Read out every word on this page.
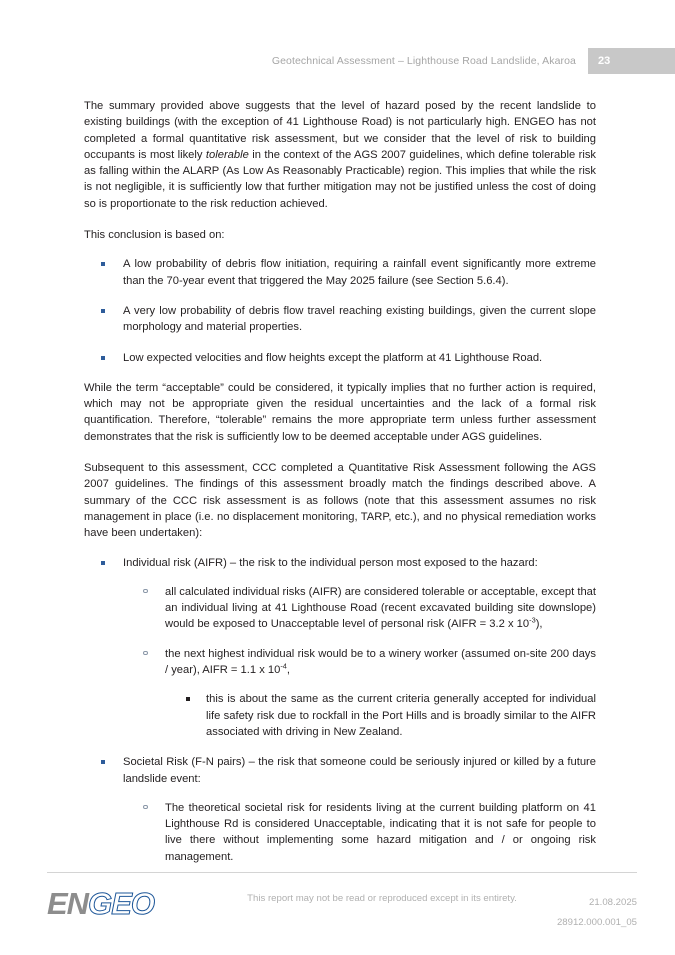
Geotechnical Assessment – Lighthouse Road Landslide, Akaroa	23

The summary provided above suggests that the level of hazard posed by the recent landslide to existing buildings (with the exception of 41 Lighthouse Road) is not particularly high. ENGEO has not completed a formal quantitative risk assessment, but we consider that the level of risk to building occupants is most likely tolerable in the context of the AGS 2007 guidelines, which define tolerable risk as falling within the ALARP (As Low As Reasonably Practicable) region. This implies that while the risk is not negligible, it is sufficiently low that further mitigation may not be justified unless the cost of doing so is proportionate to the risk reduction achieved.

This conclusion is based on:

A low probability of debris flow initiation, requiring a rainfall event significantly more extreme than the 70-year event that triggered the May 2025 failure (see Section 5.6.4).
A very low probability of debris flow travel reaching existing buildings, given the current slope morphology and material properties.
Low expected velocities and flow heights except the platform at 41 Lighthouse Road.

While the term “acceptable” could be considered, it typically implies that no further action is required, which may not be appropriate given the residual uncertainties and the lack of a formal risk quantification. Therefore, “tolerable” remains the more appropriate term unless further assessment demonstrates that the risk is sufficiently low to be deemed acceptable under AGS guidelines.

Subsequent to this assessment, CCC completed a Quantitative Risk Assessment following the AGS 2007 guidelines. The findings of this assessment broadly match the findings described above. A summary of the CCC risk assessment is as follows (note that this assessment assumes no risk management in place (i.e. no displacement monitoring, TARP, etc.), and no physical remediation works have been undertaken):

Individual risk (AIFR) – the risk to the individual person most exposed to the hazard:
all calculated individual risks (AIFR) are considered tolerable or acceptable, except that an individual living at 41 Lighthouse Road (recent excavated building site downslope) would be exposed to Unacceptable level of personal risk (AIFR = 3.2 x $10^{-3}$),
the next highest individual risk would be to a winery worker (assumed on-site 200 days / year), AIFR = 1.1 x $10^{-4}$,
this is about the same as the current criteria generally accepted for individual life safety risk due to rockfall in the Port Hills and is broadly similar to the AIFR associated with driving in New Zealand.
Societal Risk (F-N pairs) – the risk that someone could be seriously injured or killed by a future landslide event:
The theoretical societal risk for residents living at the current building platform on 41 Lighthouse Rd is considered Unacceptable, indicating that it is not safe for people to live there without implementing some hazard mitigation and / or ongoing risk management.
ENGEO	This report may not be read or reproduced except in its entirety.	21.08.2025
28912.000.001_05
